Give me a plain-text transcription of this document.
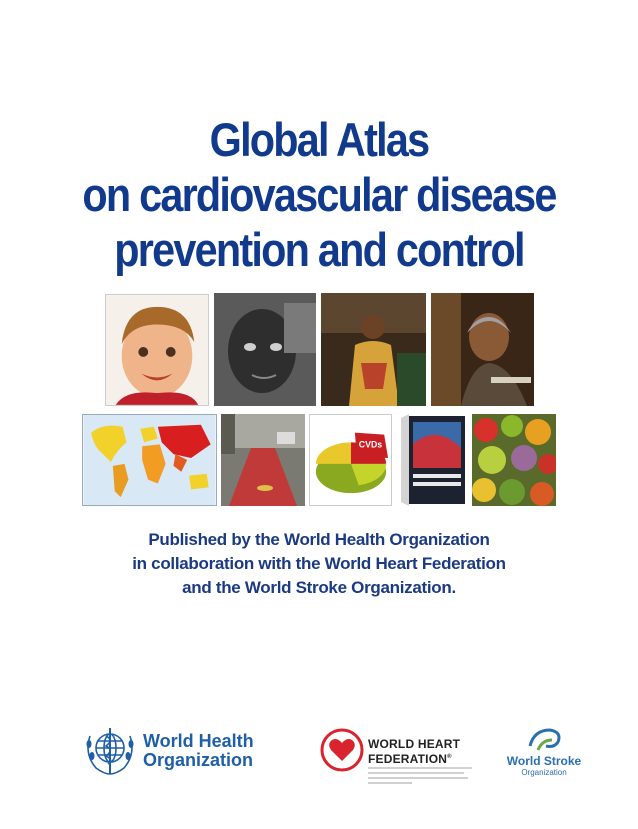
Global Atlas
on cardiovascular disease
prevention and control
CVDs
Published by the World Health Organization
in collaboration with the World Heart Federation
and the World Stroke Organization.
World Health
Organization
WORLD HEART
FEDERATION®	World Stroke
Organization
